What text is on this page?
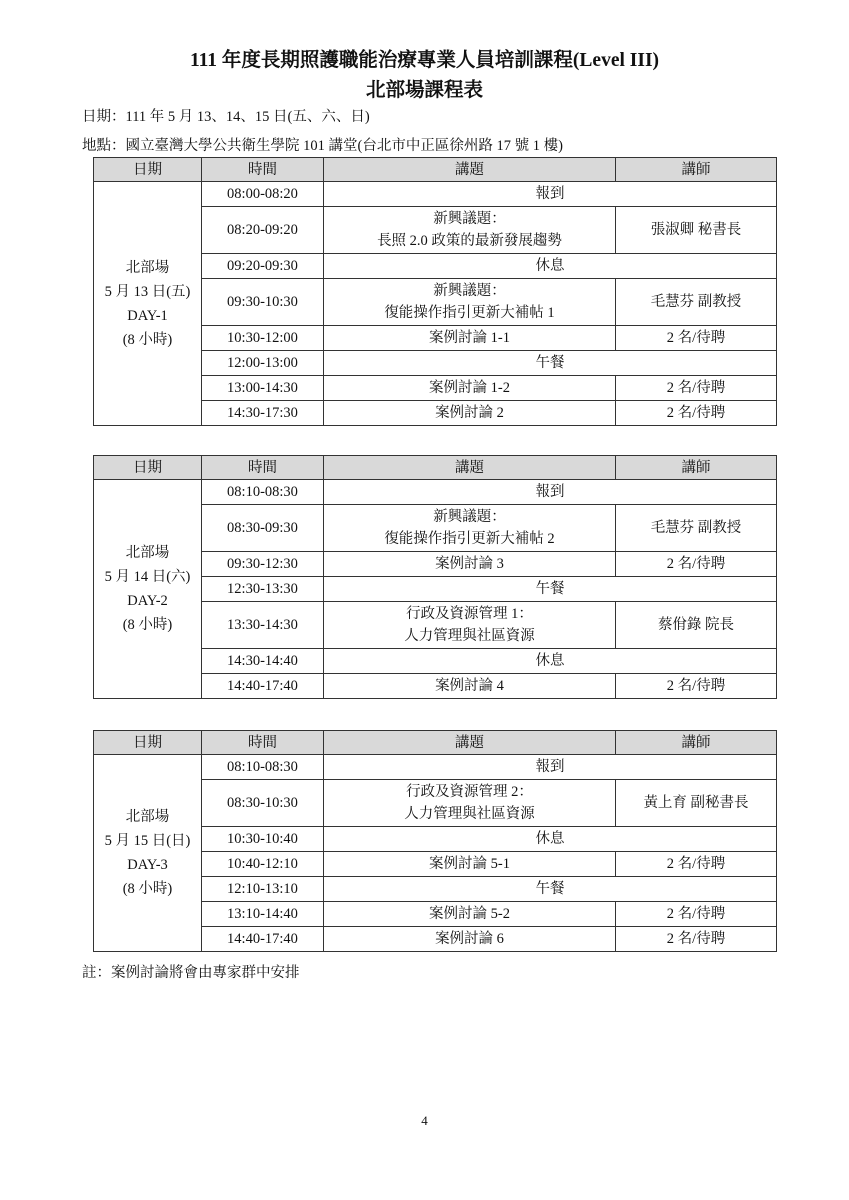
111 年度長期照護職能治療專業人員培訓課程(Level III)
北部場課程表
日期：111 年 5 月 13、14、15 日(五、六、日)
地點：國立臺灣大學公共衛生學院 101 講堂(台北市中正區徐州路 17 號 1 樓)
日期	時間	講題	講師
北部場
5 月 13 日(五)
DAY-1
(8 小時)	08:00-08:20	報到	
	08:20-09:20	新興議題：
長照 2.0 政策的最新發展趨勢	張淑卿 秘書長
	09:20-09:30	休息	
	09:30-10:30	新興議題：
復能操作指引更新大補帖 1	毛慧芬 副教授
	10:30-12:00	案例討論 1-1	2 名/待聘
	12:00-13:00	午餐	
	13:00-14:30	案例討論 1-2	2 名/待聘
	14:30-17:30	案例討論 2	2 名/待聘
日期	時間	講題	講師
北部場
5 月 14 日(六)
DAY-2
(8 小時)	08:10-08:30	報到	
	08:30-09:30	新興議題：
復能操作指引更新大補帖 2	毛慧芬 副教授
	09:30-12:30	案例討論 3	2 名/待聘
	12:30-13:30	午餐	
	13:30-14:30	行政及資源管理 1：
人力管理與社區資源	蔡佾錄 院長
	14:30-14:40	休息	
	14:40-17:40	案例討論 4	2 名/待聘
日期	時間	講題	講師
北部場
5 月 15 日(日)
DAY-3
(8 小時)	08:10-08:30	報到	
	08:30-10:30	行政及資源管理 2：
人力管理與社區資源	黃上育 副秘書長
	10:30-10:40	休息	
	10:40-12:10	案例討論 5-1	2 名/待聘
	12:10-13:10	午餐	
	13:10-14:40	案例討論 5-2	2 名/待聘
	14:40-17:40	案例討論 6	2 名/待聘
註：案例討論將會由專家群中安排
4
